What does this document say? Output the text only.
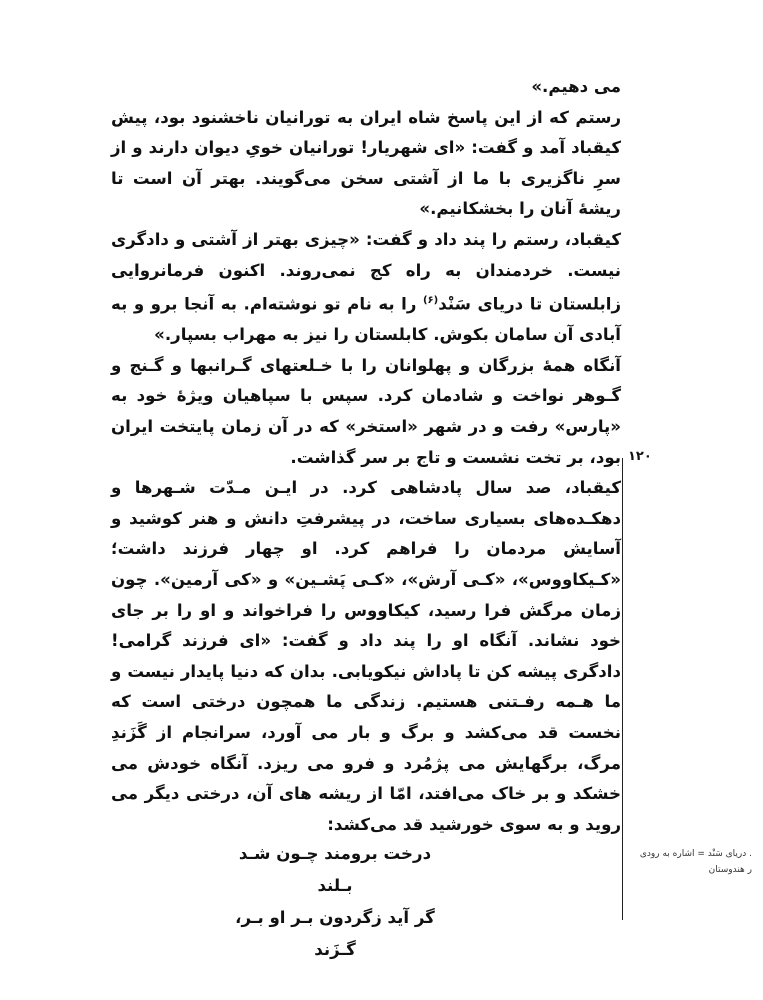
می دهیم.»

رستم که از این پاسخ شاه ایران به تورانیان ناخشنود بود، پیش کیقباد آمد و گفت: «ای شهریار! تورانیان خویِ دیوان دارند و از سرِ ناگزیری با ما از آشتی سخن می‌گویند. بهتر آن است تا ریشهٔ آنان را بخشکانیم.»

کیقباد، رستم را پند داد و گفت: «چیزی بهتر از آشتی و دادگری نیست. خردمندان به راه کج نمی‌روند. اکنون فرمانروایی زابلستان تا دریای سَنْد$^{(۶)}$ را به نام تو نوشته‌ام. به آنجا برو و به آبادی آن سامان بکوش. کابلستان را نیز به مهراب بسپار.»

آنگاه همهٔ بزرگان و پهلوانان را با خـلعتهای گـرانبها و گـنج و گـوهر نواخت و شادمان کرد. سپس با سپاهیان ویژهٔ خود به «پارس» رفت و در شهر «استخر» که در آن زمان پایتخت ایران بود، بر تخت نشست و تاج بر سر گذاشت.

کیقباد، صد سال پادشاهی کرد. در ایـن مـدّت شـهرها و دهکـده‌های بسیاری ساخت، در پیشرفتِ دانش و هنر کوشید و آسایش مردمان را فراهم کرد. او چهار فرزند داشت؛ «کـیکاووس»، «کـی آرش»، «کـی پَشـین» و «کی آرمین». چون زمان مرگش فرا رسید، کیکاووس را فراخواند و او را بر جای خود نشاند. آنگاه او را پند داد و گفت: «ای فرزند گرامی! دادگری پیشه کن تا پاداش نیکویابی. بدان که دنیا پایدار نیست و ما هـمه رفـتنی هستیم. زندگی ما همچون درختی است که نخست قد می‌کشد و برگ و بار می آورد، سرانجام از گَزَندِ مرگ، برگهایش می پژمُرد و فرو می ریزد. آنگاه خودش می خشکد و بر خاک می‌افتد، امّا از ریشه های آن، درختی دیگر می روید و به سوی خورشید قد می‌کشد:

۱۲۰
درخت برومند چـون شـد بـلند
گر آید زگردون بـر او بـر، گـزَند
. دریای سَنْد = اشاره به رودی
ر هندوستان
